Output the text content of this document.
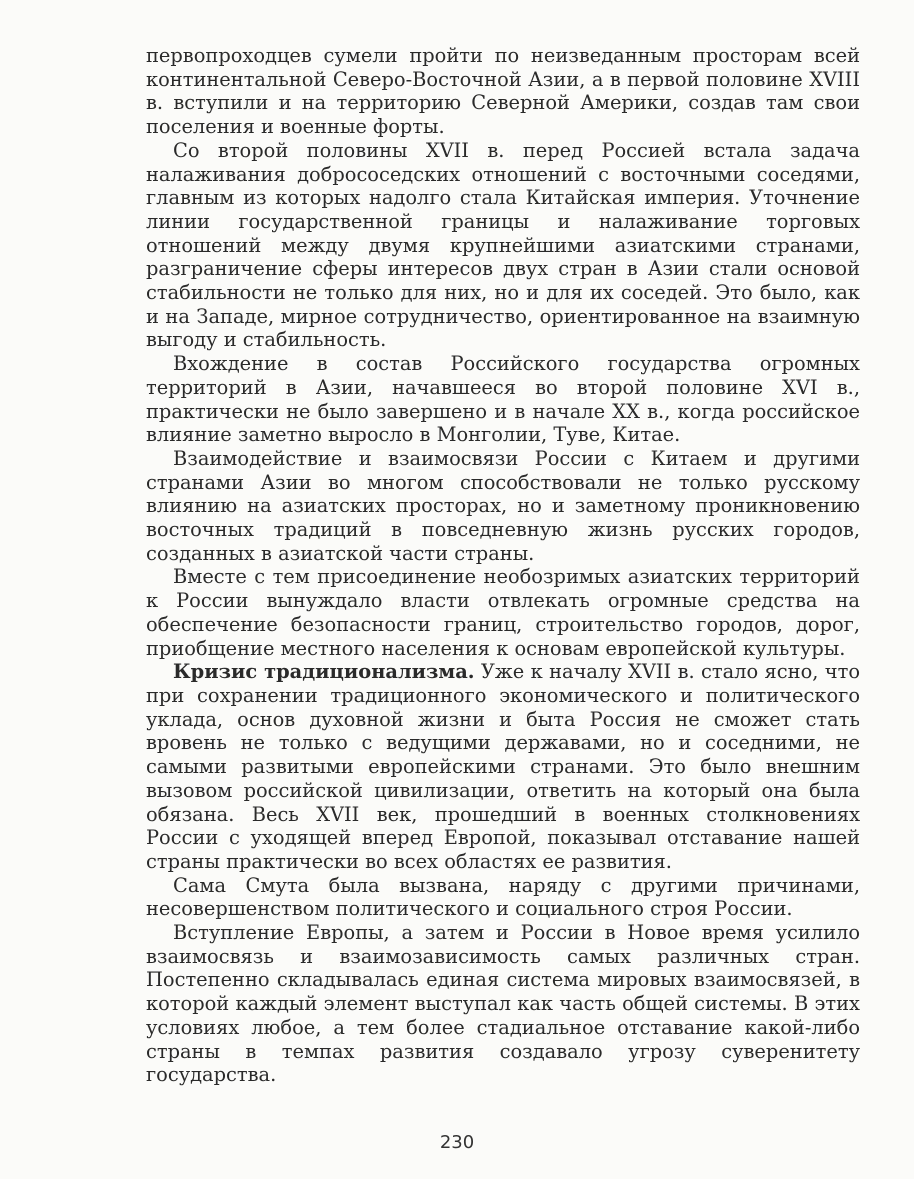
первопроходцев сумели пройти по неизведанным просторам всей континентальной Северо-Восточной Азии, а в первой половине XVIII в. вступили и на территорию Северной Америки, создав там свои поселения и военные форты.

Со второй половины XVII в. перед Россией встала задача налаживания добрососедских отношений с восточными соседями, главным из которых надолго стала Китайская империя. Уточнение линии государственной границы и налаживание торговых отношений между двумя крупнейшими азиатскими странами, разграничение сферы интересов двух стран в Азии стали основой стабильности не только для них, но и для их соседей. Это было, как и на Западе, мирное сотрудничество, ориентированное на взаимную выгоду и стабильность.

Вхождение в состав Российского государства огромных территорий в Азии, начавшееся во второй половине XVI в., практически не было завершено и в начале XX в., когда российское влияние заметно выросло в Монголии, Туве, Китае.

Взаимодействие и взаимосвязи России с Китаем и другими странами Азии во многом способствовали не только русскому влиянию на азиатских просторах, но и заметному проникновению восточных традиций в повседневную жизнь русских городов, созданных в азиатской части страны.

Вместе с тем присоединение необозримых азиатских территорий к России вынуждало власти отвлекать огромные средства на обеспечение безопасности границ, строительство городов, дорог, приобщение местного населения к основам европейской культуры.

Кризис традиционализма. Уже к началу XVII в. стало ясно, что при сохранении традиционного экономического и политического уклада, основ духовной жизни и быта Россия не сможет стать вровень не только с ведущими державами, но и соседними, не самыми развитыми европейскими странами. Это было внешним вызовом российской цивилизации, ответить на который она была обязана. Весь XVII век, прошедший в военных столкновениях России с уходящей вперед Европой, показывал отставание нашей страны практически во всех областях ее развития.

Сама Смута была вызвана, наряду с другими причинами, несовершенством политического и социального строя России.

Вступление Европы, а затем и России в Новое время усилило взаимосвязь и взаимозависимость самых различных стран. Постепенно складывалась единая система мировых взаимосвязей, в которой каждый элемент выступал как часть общей системы. В этих условиях любое, а тем более стадиальное отставание какой-либо страны в темпах развития создавало угрозу суверенитету государства.

230
